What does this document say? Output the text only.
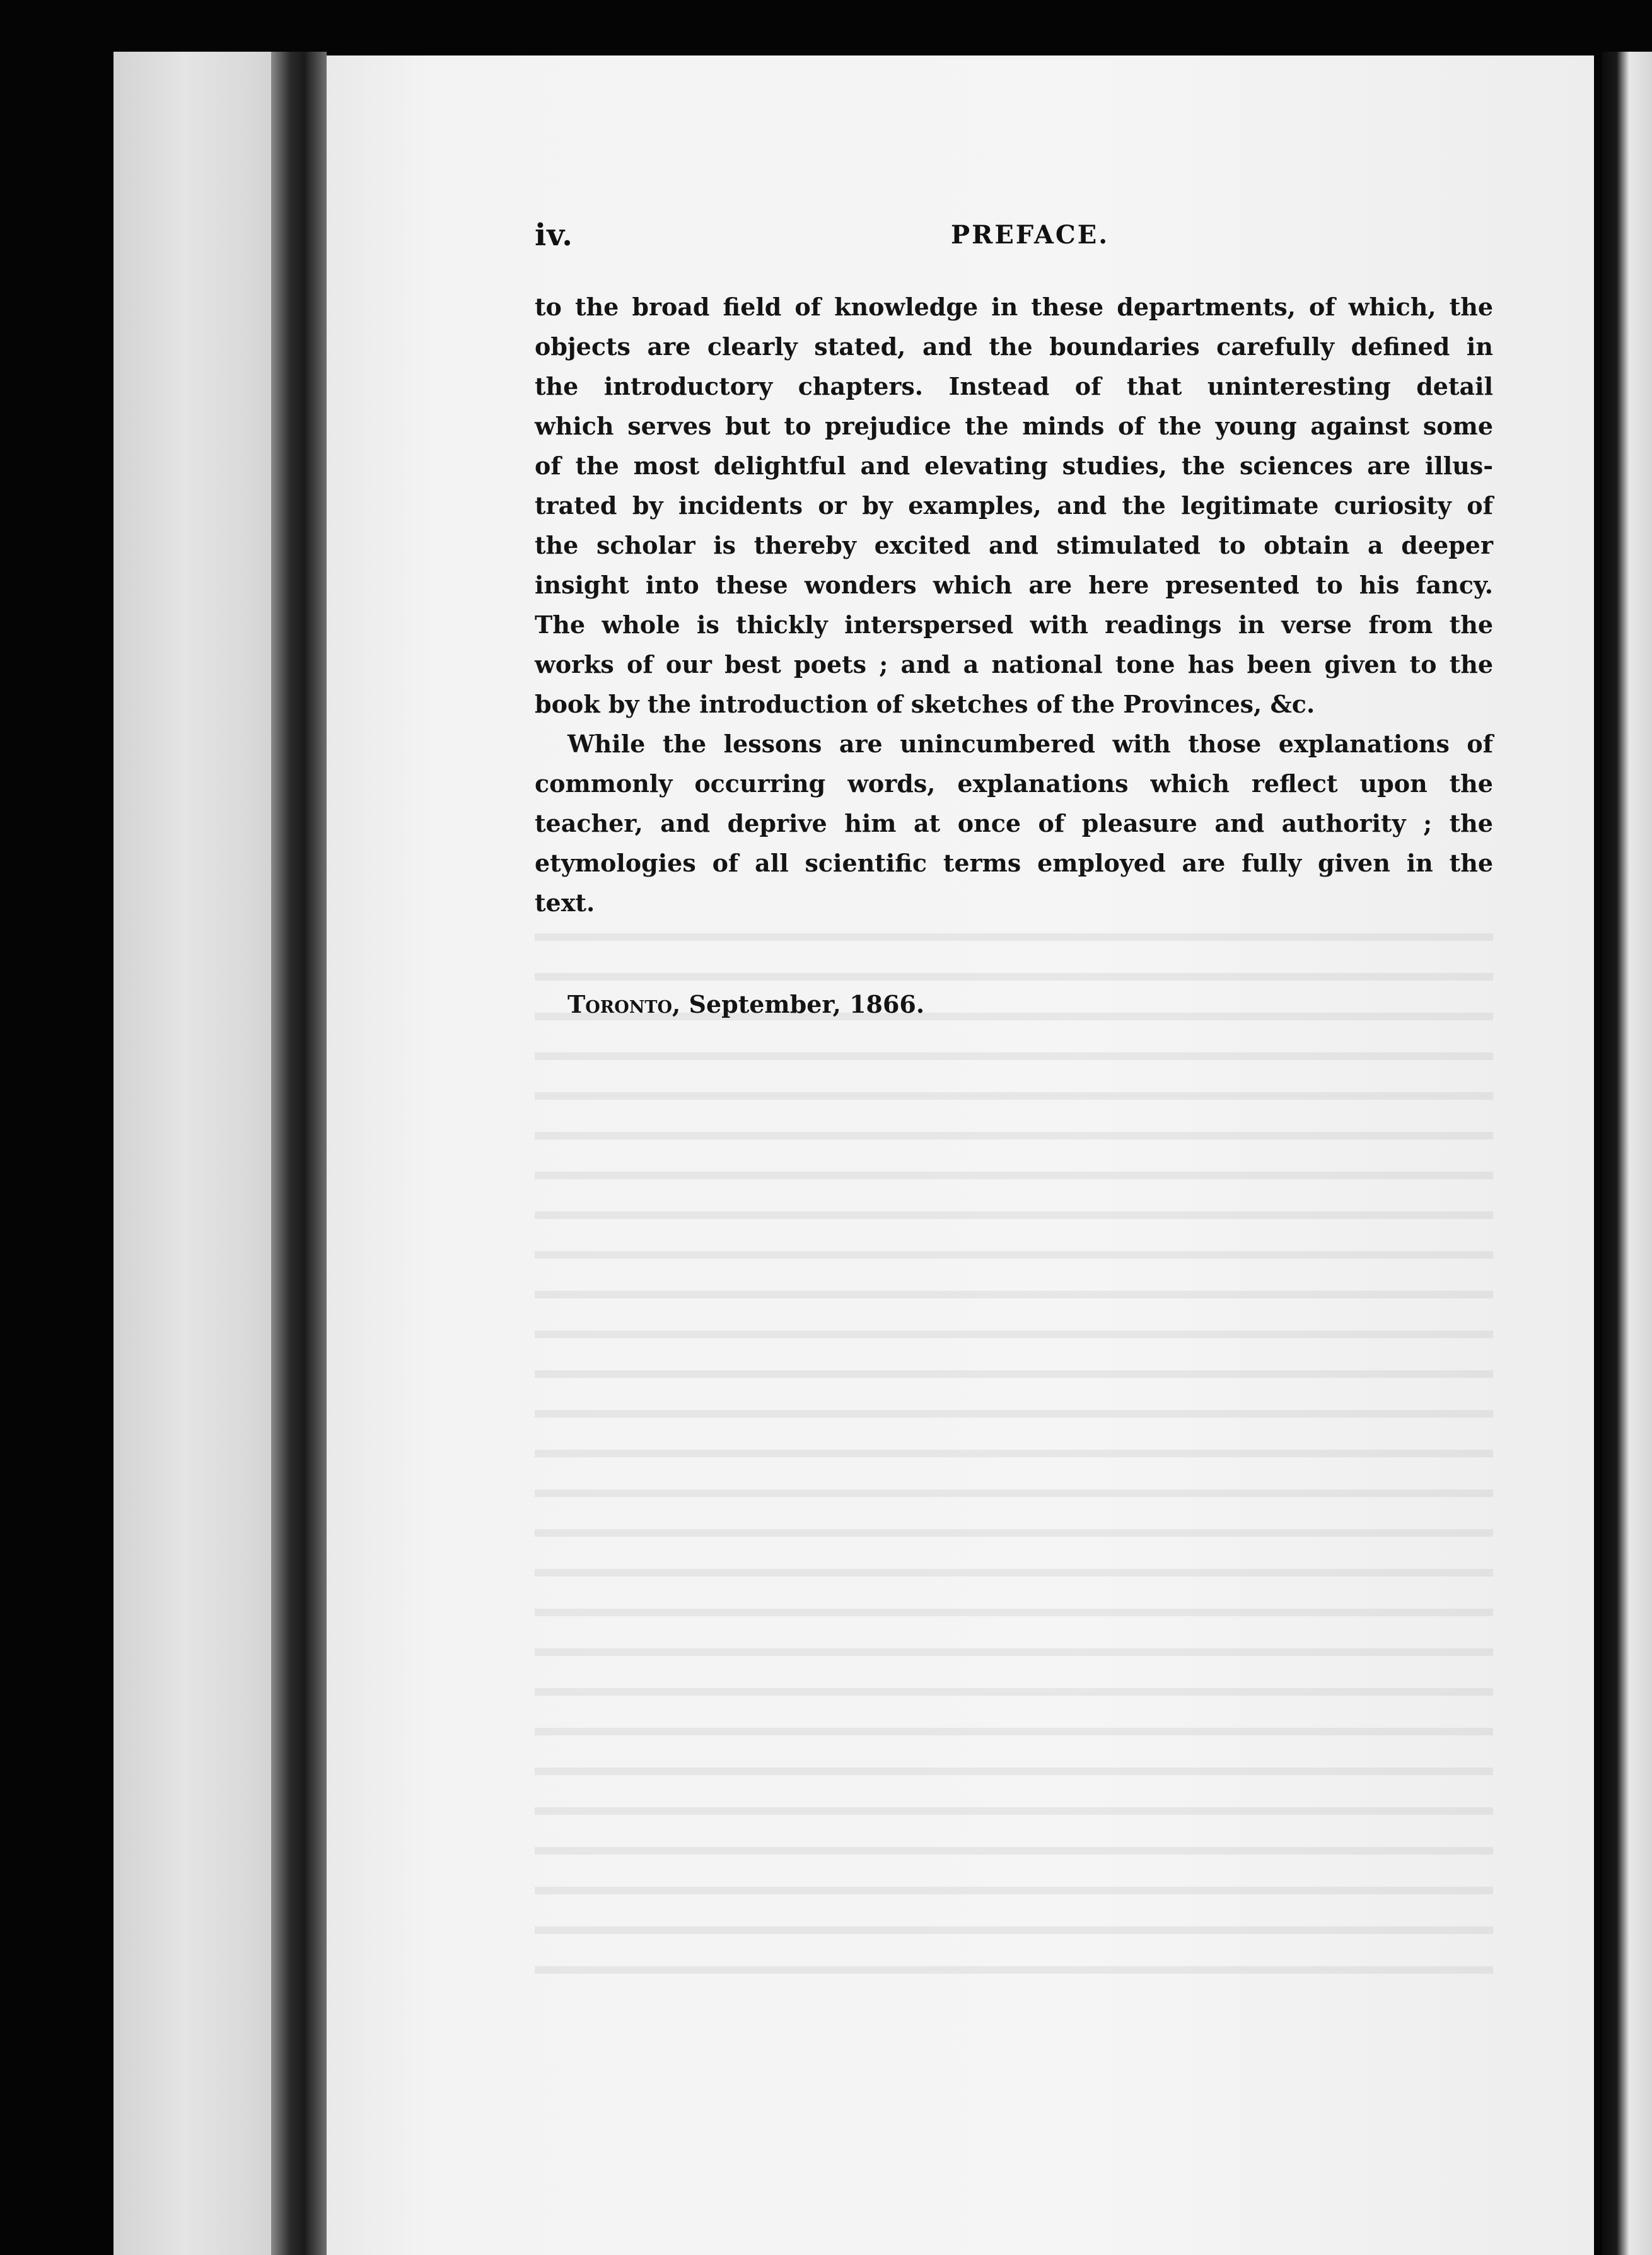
iv.	PREFACE.
to the broad field of knowledge in these departments, of which, the
objects are clearly stated, and the boundaries carefully defined in
the introductory chapters. Instead of that uninteresting detail
which serves but to prejudice the minds of the young against some
of the most delightful and elevating studies, the sciences are illus-
trated by incidents or by examples, and the legitimate curiosity of
the scholar is thereby excited and stimulated to obtain a deeper
insight into these wonders which are here presented to his fancy.
The whole is thickly interspersed with readings in verse from the
works of our best poets ; and a national tone has been given to the
book by the introduction of sketches of the Provinces, &c.
While the lessons are unincumbered with those explanations of
commonly occurring words, explanations which reflect upon the
teacher, and deprive him at once of pleasure and authority ; the
etymologies of all scientific terms employed are fully given in the
text.
Toronto, September, 1866.
